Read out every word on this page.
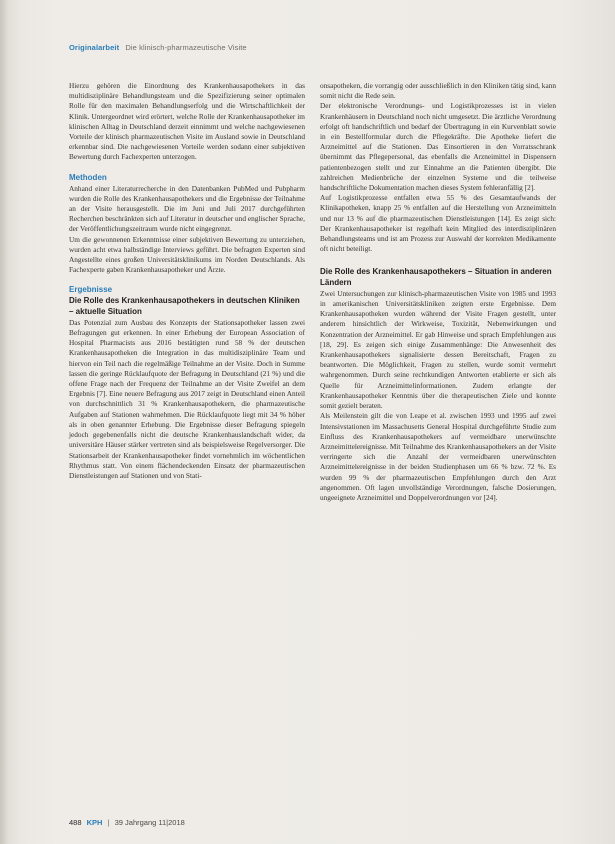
Originalarbeit Die klinisch-pharmazeutische Visite

Hierzu gehören die Einordnung des Krankenhausapothekers in das multidisziplinäre Behandlungsteam und die Spezifizierung seiner optimalen Rolle für den maximalen Behandlungserfolg und die Wirtschaftlichkeit der Klinik. Untergeordnet wird erörtert, welche Rolle der Krankenhausapotheker im klinischen Alltag in Deutschland derzeit einnimmt und welche nachgewiesenen Vorteile der klinisch pharmazeutischen Visite im Ausland sowie in Deutschland erkennbar sind. Die nachgewiesenen Vorteile werden sodann einer subjektiven Bewertung durch Fachexperten unterzogen.

Methoden

Anhand einer Literaturrecherche in den Datenbanken PubMed und Pubpharm wurden die Rolle des Krankenhausapothekers und die Ergebnisse der Teilnahme an der Visite herausgestellt. Die im Juni und Juli 2017 durchgeführten Recherchen beschränkten sich auf Literatur in deutscher und englischer Sprache, der Veröffentlichungszeitraum wurde nicht eingegrenzt.

Um die gewonnenen Erkenntnisse einer subjektiven Bewertung zu unterziehen, wurden acht etwa halbständige Interviews geführt. Die befragten Experten sind Angestellte eines großen Universitätsklinikums im Norden Deutschlands. Als Fachexperte gaben Krankenhausapotheker und Ärzte.

Ergebnisse
Die Rolle des Krankenhausapothekers in deutschen Kliniken – aktuelle Situation

Das Potenzial zum Ausbau des Konzepts der Stationsapotheker lassen zwei Befragungen gut erkennen. In einer Erhebung der European Association of Hospital Pharmacists aus 2016 bestätigten rund 58 % der deutschen Krankenhausapotheken die Integration in das multidisziplinäre Team und hiervon ein Teil nach die regelmäßige Teilnahme an der Visite. Doch in Summe lassen die geringe Rücklaufquote der Befragung in Deutschland (21 %) und die offene Frage nach der Frequenz der Teilnahme an der Visite Zweifel an dem Ergebnis [7]. Eine neuere Befragung aus 2017 zeigt in Deutschland einen Anteil von durchschnittlich 31 % Krankenhausapothekern, die pharmazeutische Aufgaben auf Stationen wahrnehmen. Die Rücklaufquote liegt mit 34 % höher als in oben genannter Erhebung. Die Ergebnisse dieser Befragung spiegeln jedoch gegebenenfalls nicht die deutsche Krankenhauslandschaft wider, da universitäre Häuser stärker vertreten sind als beispielsweise Regelversorger. Die Stationsarbeit der Krankenhausapotheker findet vornehmlich im wöchentlichen Rhythmus statt. Von einem flächendeckenden Einsatz der pharmazeutischen Dienstleistungen auf Stationen und von Stati-

onsapotheken, die vorrangig oder ausschließlich in den Kliniken tätig sind, kann somit nicht die Rede sein.

Der elektronische Verordnungs- und Logistikprozesses ist in vielen Krankenhäusern in Deutschland noch nicht umgesetzt. Die ärztliche Verordnung erfolgt oft handschriftlich und bedarf der Übertragung in ein Kurvenblatt sowie in ein Bestellformular durch die Pflegekräfte. Die Apotheke liefert die Arzneimittel auf die Stationen. Das Einsortieren in den Vorratsschrank übernimmt das Pflegepersonal, das ebenfalls die Arzneimittel in Dispensern patientenbezogen stellt und zur Einnahme an die Patienten übergibt. Die zahlreichen Medienbrüche der einzelnen Systeme und die teilweise handschriftliche Dokumentation machen dieses System fehleranfällig [2].

Auf Logistikprozesse entfallen etwa 55 % des Gesamtaufwands der Klinikapotheken, knapp 25 % entfallen auf die Herstellung von Arzneimitteln und nur 13 % auf die pharmazeutischen Dienstleistungen [14]. Es zeigt sich: Der Krankenhausapotheker ist regelhaft kein Mitglied des interdisziplinären Behandlungsteams und ist am Prozess zur Auswahl der korrekten Medikamente oft nicht beteiligt.

Die Rolle des Krankenhausapothekers – Situation in anderen Ländern

Zwei Untersuchungen zur klinisch-pharmazeutischen Visite von 1985 und 1993 in amerikanischen Universitätskliniken zeigten erste Ergebnisse. Dem Krankenhausapotheken wurden während der Visite Fragen gestellt, unter anderem hinsichtlich der Wirkweise, Toxizität, Nebenwirkungen und Konzentration der Arzneimittel. Er gab Hinweise und sprach Empfehlungen aus [18, 29]. Es zeigen sich einige Zusammenhänge: Die Anwesenheit des Krankenhausapothekers signalisierte dessen Bereitschaft, Fragen zu beantworten. Die Möglichkeit, Fragen zu stellen, wurde somit vermehrt wahrgenommen. Durch seine rechtkundigen Antworten etablierte er sich als Quelle für Arzneimittelinformationen. Zudem erlangte der Krankenhausapotheker Kenntnis über die therapeutischen Ziele und konnte somit gezielt beraten.

Als Meilenstein gilt die von Leape et al. zwischen 1993 und 1995 auf zwei Intensivstationen im Massachusetts General Hospital durchgeführte Studie zum Einfluss des Krankenhausapothekers auf vermeidbare unerwünschte Arzneimittelereignisse. Mit Teilnahme des Krankenhausapothekers an der Visite verringerte sich die Anzahl der vermeidbaren unerwünschten Arzneimittelereignisse in der beiden Studienphasen um 66 % bzw. 72 %. Es wurden 99 % der pharmazeutischen Empfehlungen durch den Arzt angenommen. Oft lagen unvollständige Verordnungen, falsche Dosierungen, ungeeignete Arzneimittel und Doppelverordnungen vor [24].

488 KPH | 39 Jahrgang 11|2018
